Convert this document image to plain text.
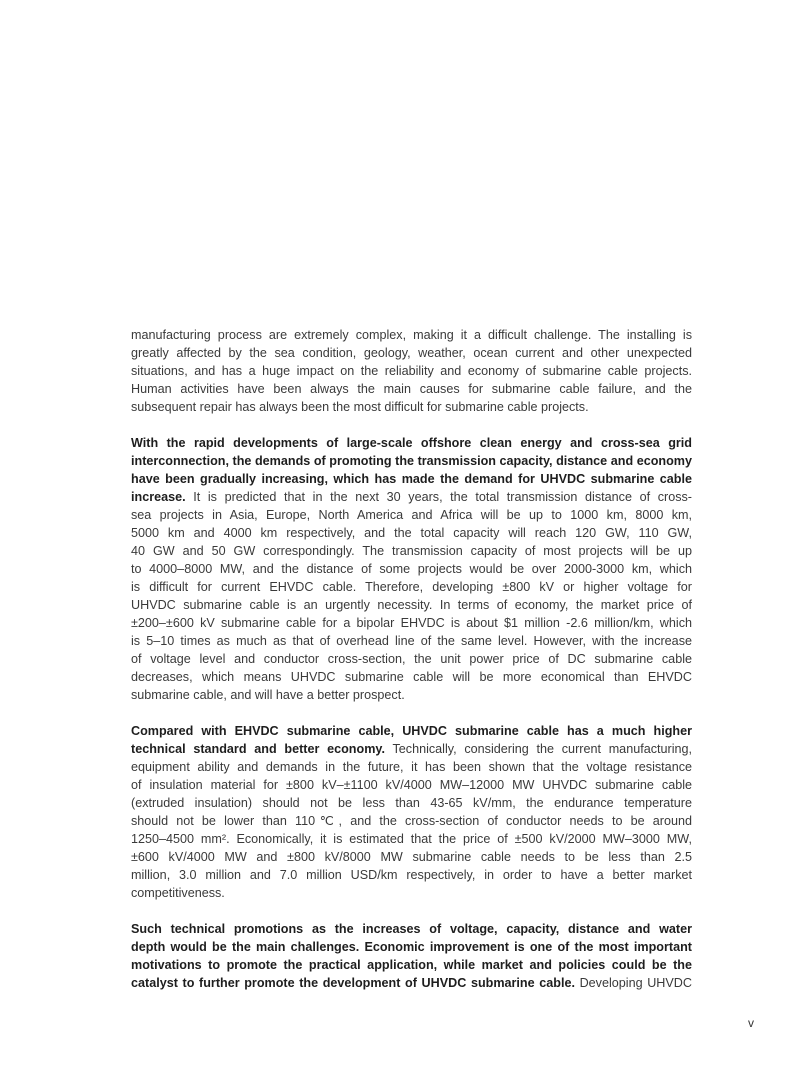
manufacturing process are extremely complex, making it a difficult challenge. The installing is
greatly affected by the sea condition, geology, weather, ocean current and other unexpected
situations, and has a huge impact on the reliability and economy of submarine cable projects.
Human activities have been always the main causes for submarine cable failure, and the
subsequent repair has always been the most difficult for submarine cable projects.
With the rapid developments of large-scale offshore clean energy and cross-sea grid
interconnection, the demands of promoting the transmission capacity, distance and economy
have been gradually increasing, which has made the demand for UHVDC submarine cable
increase. It is predicted that in the next 30 years, the total transmission distance of cross-
sea projects in Asia, Europe, North America and Africa will be up to 1000 km, 8000 km,
5000 km and 4000 km respectively, and the total capacity will reach 120 GW, 110 GW,
40 GW and 50 GW correspondingly. The transmission capacity of most projects will be up
to 4000–8000 MW, and the distance of some projects would be over 2000-3000 km, which
is difficult for current EHVDC cable. Therefore, developing ±800 kV or higher voltage for
UHVDC submarine cable is an urgently necessity. In terms of economy, the market price of
±200–±600 kV submarine cable for a bipolar EHVDC is about $1 million -2.6 million/km, which
is 5–10 times as much as that of overhead line of the same level. However, with the increase
of voltage level and conductor cross-section, the unit power price of DC submarine cable
decreases, which means UHVDC submarine cable will be more economical than EHVDC
submarine cable, and will have a better prospect.
Compared with EHVDC submarine cable, UHVDC submarine cable has a much higher
technical standard and better economy. Technically, considering the current manufacturing,
equipment ability and demands in the future, it has been shown that the voltage resistance
of insulation material for ±800 kV–±1100 kV/4000 MW–12000 MW UHVDC submarine cable
(extruded insulation) should not be less than 43-65 kV/mm, the endurance temperature
should not be lower than 110℃, and the cross-section of conductor needs to be around
1250–4500 mm². Economically, it is estimated that the price of ±500 kV/2000 MW–3000 MW,
±600 kV/4000 MW and ±800 kV/8000 MW submarine cable needs to be less than 2.5
million, 3.0 million and 7.0 million USD/km respectively, in order to have a better market
competitiveness.
Such technical promotions as the increases of voltage, capacity, distance and water
depth would be the main challenges. Economic improvement is one of the most important
motivations to promote the practical application, while market and policies could be the
catalyst to further promote the development of UHVDC submarine cable. Developing UHVDC
v
